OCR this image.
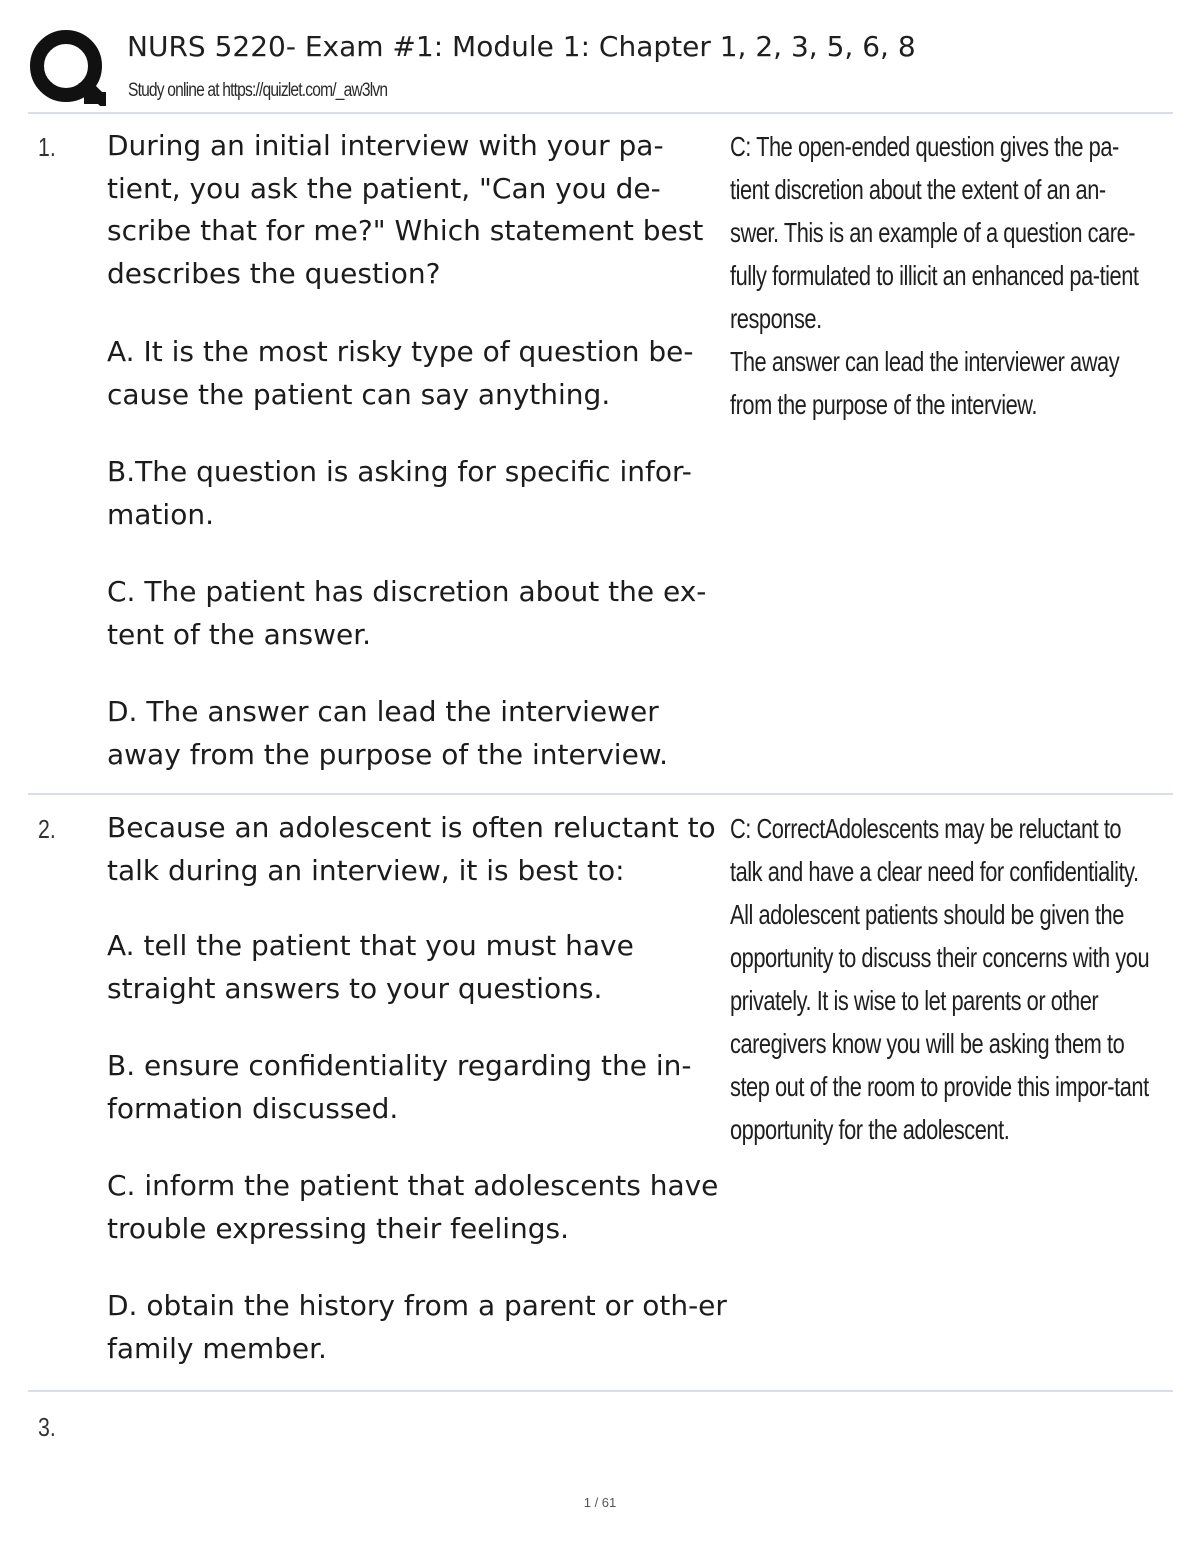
NURS 5220- Exam #1: Module 1: Chapter 1, 2, 3, 5, 6, 8
Study online at https://quizlet.com/_aw3lvn
1. During an initial interview with your pa-tient, you ask the patient, "Can you de-scribe that for me?" Which statement best describes the question?

A. It is the most risky type of question be-cause the patient can say anything.

B.The question is asking for specific infor-mation.

C. The patient has discretion about the ex-tent of the answer.

D. The answer can lead the interviewer away from the purpose of the interview.

C: The open-ended question gives the pa-tient discretion about the extent of an an-swer. This is an example of a question care-fully formulated to illicit an enhanced pa-tient response.

The answer can lead the interviewer away from the purpose of the interview.

2. Because an adolescent is often reluctant to talk during an interview, it is best to:

A. tell the patient that you must have straight answers to your questions.

B. ensure confidentiality regarding the in-formation discussed.

C. inform the patient that adolescents have trouble expressing their feelings.

D. obtain the history from a parent or oth-er family member.

C: CorrectAdolescents may be reluctant to talk and have a clear need for confidentiality. All adolescent patients should be given the opportunity to discuss their concerns with you privately. It is wise to let parents or other caregivers know you will be asking them to step out of the room to provide this impor-tant opportunity for the adolescent.

3.
1 / 61
